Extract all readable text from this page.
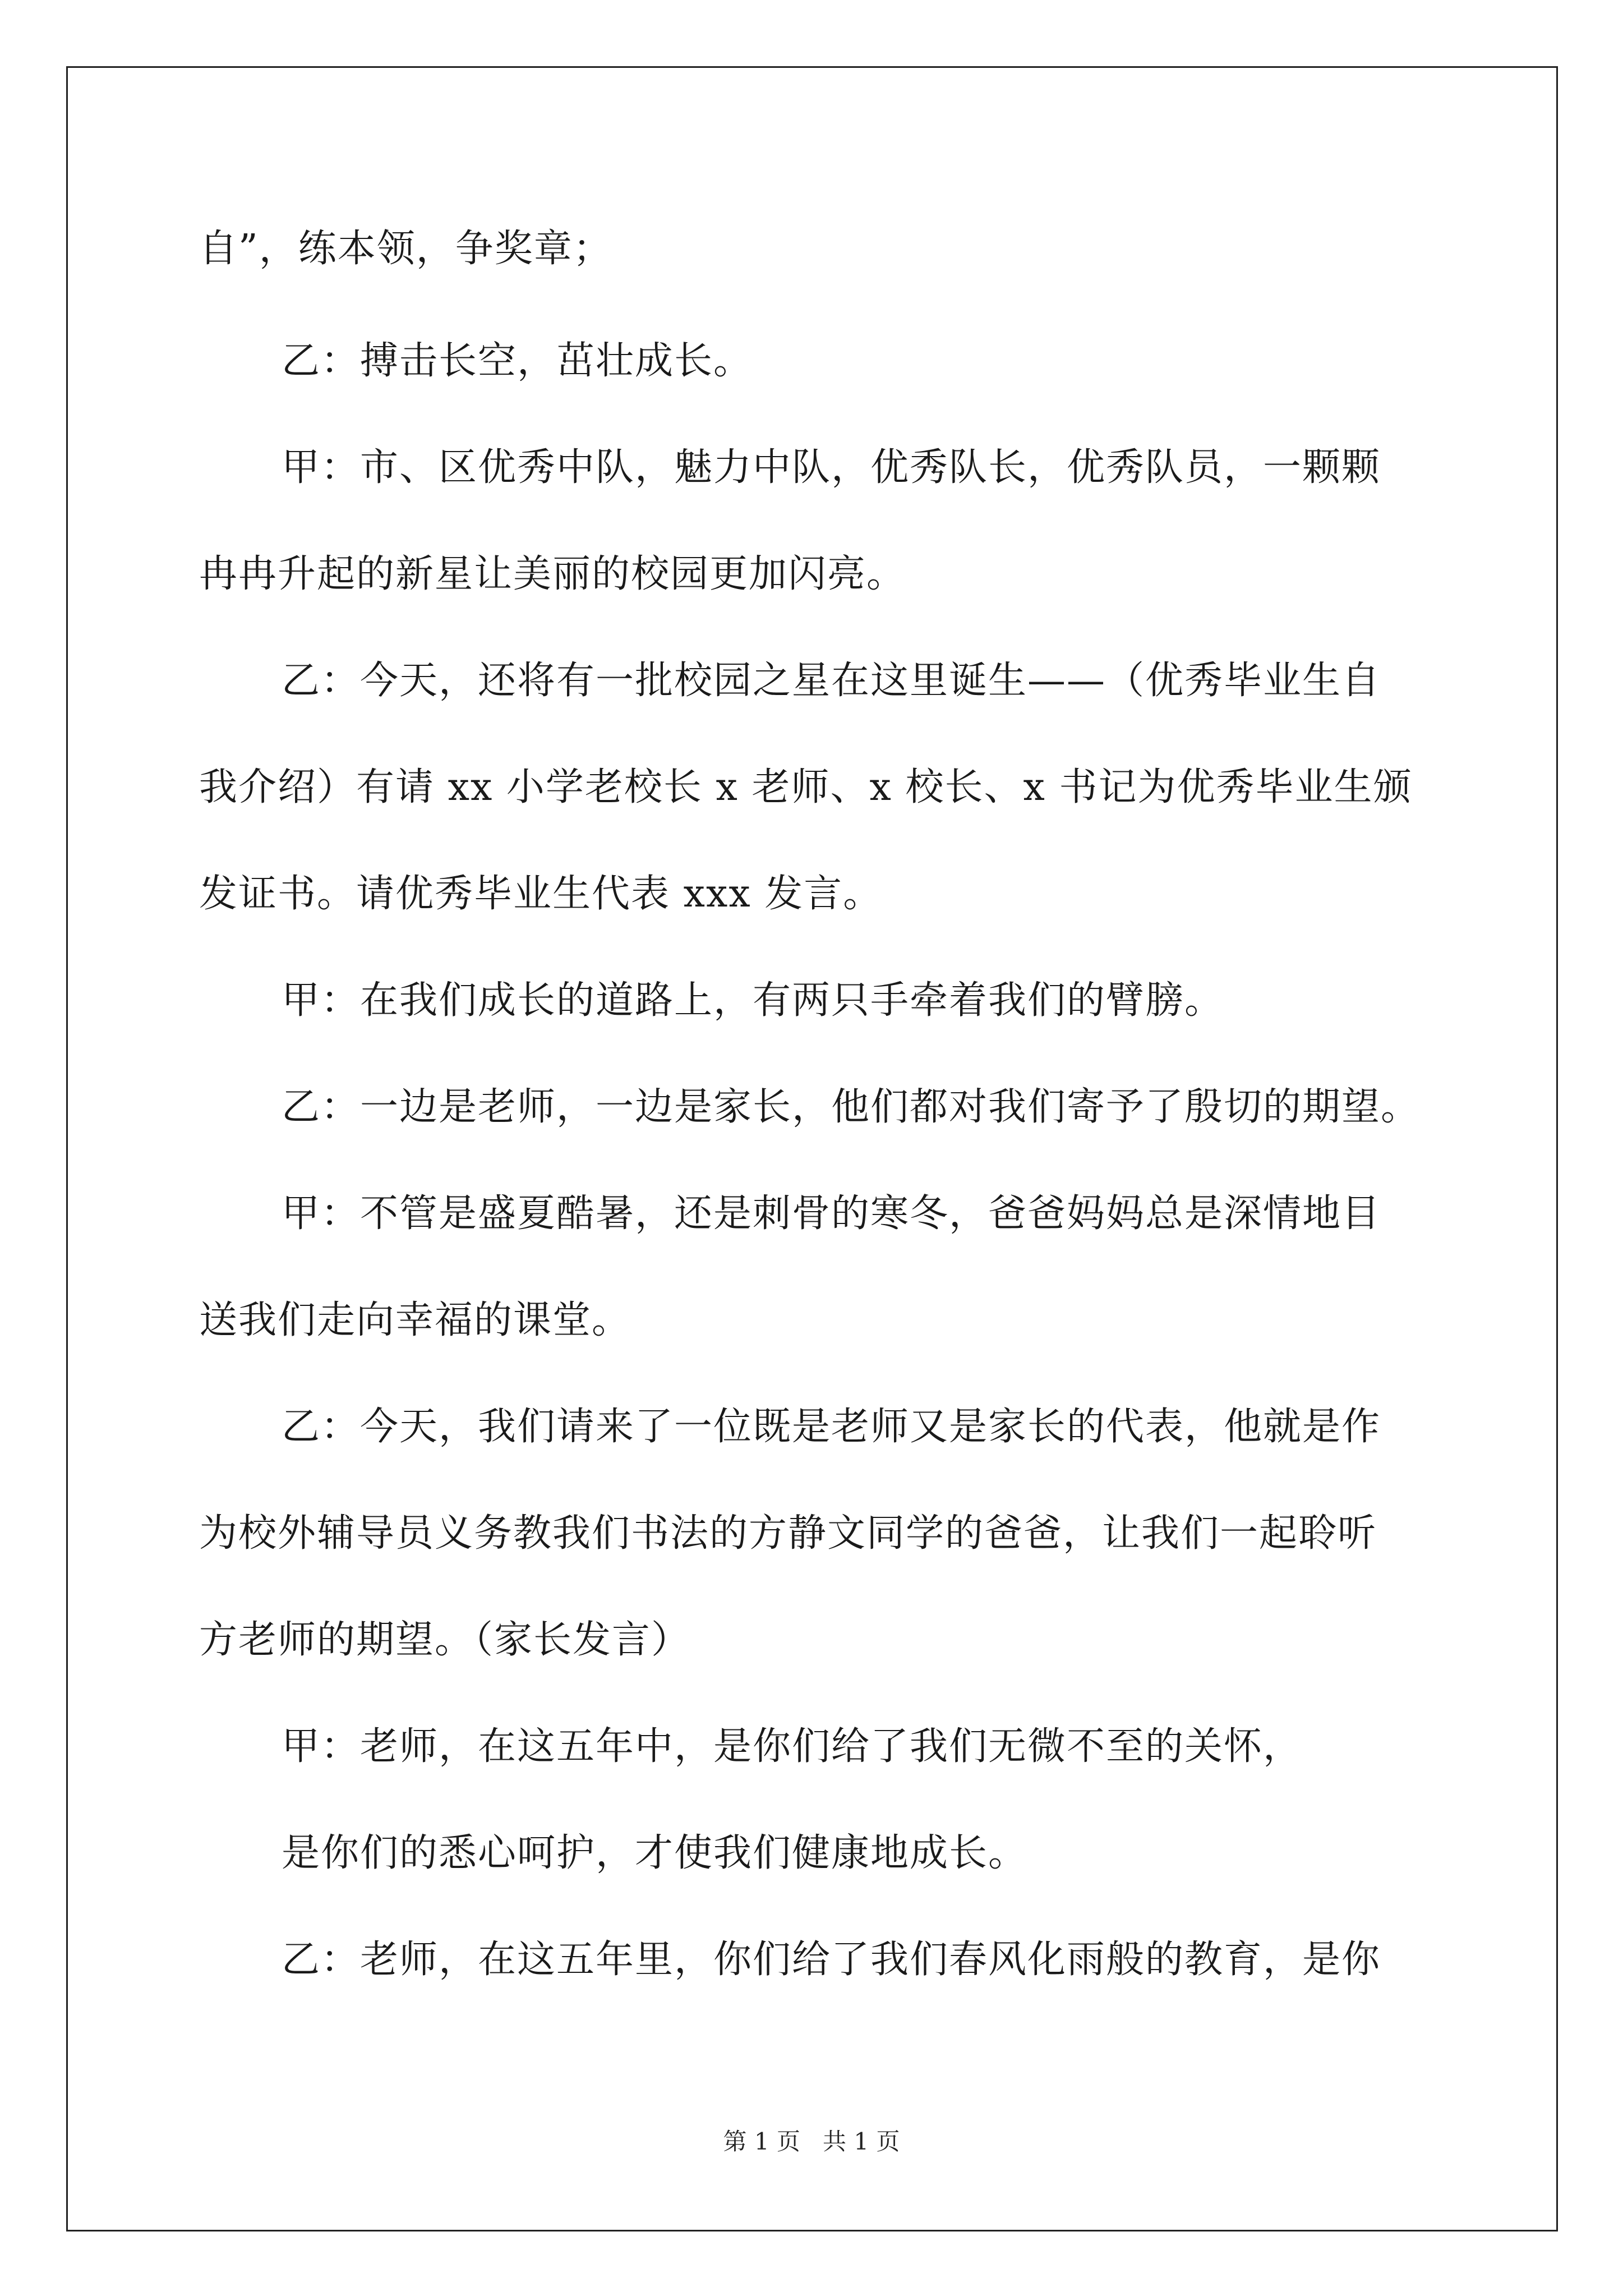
自”，练本领，争奖章；
乙：搏击长空，茁壮成长。
甲：市、区优秀中队，魅力中队，优秀队长，优秀队员，一颗颗
冉冉升起的新星让美丽的校园更加闪亮。
乙：今天，还将有一批校园之星在这里诞生——（优秀毕业生自
我介绍）有请 xx 小学老校长 x 老师、x 校长、x 书记为优秀毕业生颁
发证书。请优秀毕业生代表 xxx 发言。
甲：在我们成长的道路上，有两只手牵着我们的臂膀。
乙：一边是老师，一边是家长，他们都对我们寄予了殷切的期望。
甲：不管是盛夏酷暑，还是刺骨的寒冬，爸爸妈妈总是深情地目
送我们走向幸福的课堂。
乙：今天，我们请来了一位既是老师又是家长的代表，他就是作
为校外辅导员义务教我们书法的方静文同学的爸爸，让我们一起聆听
方老师的期望。（家长发言）
甲：老师，在这五年中，是你们给了我们无微不至的关怀，
是你们的悉心呵护，才使我们健康地成长。
乙：老师，在这五年里，你们给了我们春风化雨般的教育，是你
第 1 页   共 1 页
